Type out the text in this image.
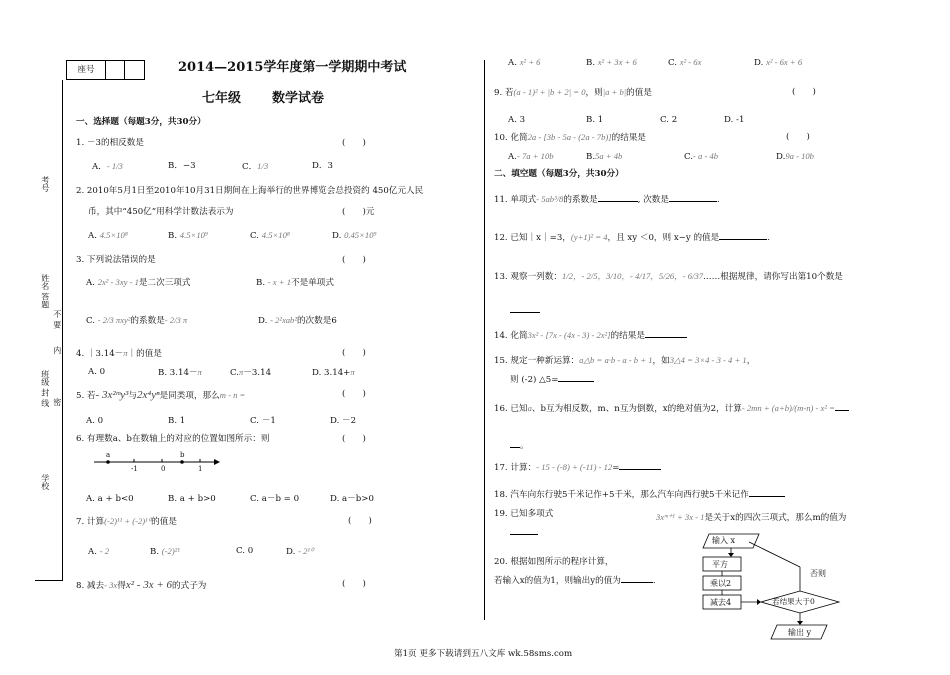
座号
考号
姓名 答题
不 要
内
班级 封 线 密
学校
2014—2015学年度第一学期期中考试
七年级 数学试卷
一、选择题（每题3分，共30分）
1. －3的相反数是	(　　)
A．- 1/3	B．−3	C．1/3	D．3
2. 2010年5月1日至2010年10月31日期间在上海举行的世界博览会总投资约 450亿元人民
币，其中“450亿”用科学计数法表示为	(　　)元
A. 4.5×10⁸	B. 4.5×10⁹	C. 4.5×10⁸	D. 0.45×10⁹
3. 下列说法错误的是	(　　)
A. 2x² - 3xy - 1是二次三项式	B. - x + 1不是单项式
C. - 2/3 πxy²的系数是- 2/3 π	D. - 2²xab²的次数是6
4. ｜3.14－π｜的值是	(　　)
A. 0	B. 3.14－π	C.π－3.14	D. 3.14+π
5. 若- 3x²ᵐy³与2x⁴yⁿ是同类项，那么m - n =	(　　)
A. 0	B. 1	C. －1	D. －2
6. 有理数a、b在数轴上的对应的位置如图所示：则	(　　)
a	b
-1	0	1
A. a + b<0	B. a + b>0	C. a－b = 0	D. a－b>0
7. 计算(-2)¹¹ + (-2)¹⁰的值是	(　　)
A. - 2	B. (-2)²¹	C. 0	D. - 2¹⁰
8. 减去- 3x得x² - 3x + 6的式子为	(　　)
A. x² + 6	B. x² + 3x + 6	C. x² - 6x	D. x² - 6x + 6
9. 若(a - 1)² + |b + 2| = 0，则|a + b|的值是	(　　)
A. 3	B. 1	C. 2	D. -1
10. 化简2a - [3b - 5a - (2a - 7b)]的结果是	(　　)
A.- 7a + 10b	B.5a + 4b	C.- a - 4b	D.9a - 10b
二、填空题（每题3分，共30分）
11. 单项式- 5ab³/8的系数是	, 次数是	.
12. 已知｜x｜=3，(y+1)² = 4，且 xy ＜0，则 x−y 的值是	.
13. 观察一列数：1/2，- 2/5，3/10，- 4/17，5/26，- 6/37……根据规律，请你写出第10个数是
14. 化简3x² - [7x - (4x - 3) - 2x²]的结果是
15. 规定一种新运算：a△b = a·b - a - b + 1，如3△4 = 3×4 - 3 - 4 + 1，
则 (-2) △5=
16. 已知a、b互为相反数，m、n互为倒数，x的绝对值为2，计算- 2mn + (a+b)/(m-n) - x² =
。
17. 计算：- 15 - (-8) + (-11) - 12=
18. 汽车向东行驶5千米记作+5千米，那么汽车向西行驶5千米记作
19. 已知多项式	3xᵐ⁺¹ + 3x - 1是关于x的四次三项式，那么m的值为
20. 根据如图所示的程序计算，
若输入x的值为1，则输出y的值为	.
输入 x
平方
乘以2
减去4	若结果大于0
否则
输出 y
第1页 更多下载请到五八文库 wk.58sms.com
